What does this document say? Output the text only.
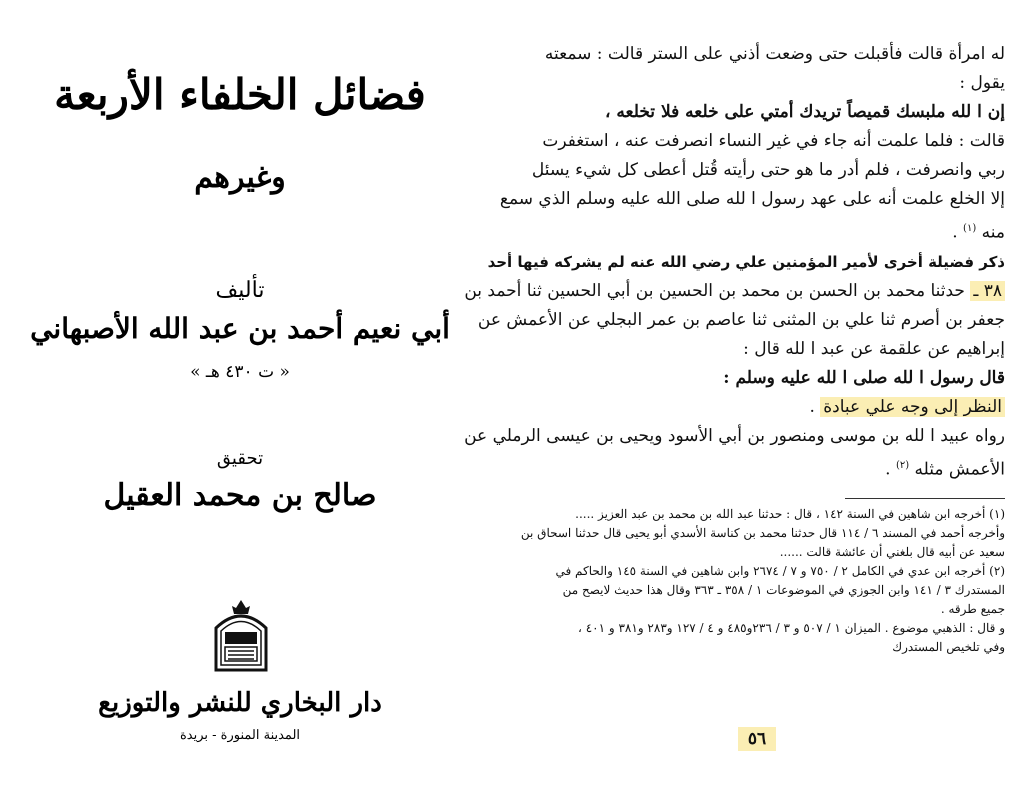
فضائل الخلفاء الأربعة
وغيرهم
تأليف
أبي نعيم أحمد بن عبد الله الأصبهاني
« ت ٤٣٠ هـ »
تحقيق
صالح بن محمد العقيل
دار البخاري للنشر والتوزيع
المدينة المنورة - بريدة
له امرأة قالت فأقبلت حتى وضعت أذني على الستر قالت : سمعته
يقول :
إن ا لله ملبسك قميصاً تريدك أمتي على خلعه فلا تخلعه ،
قالت : فلما علمت أنه جاء في غير النساء انصرفت عنه ، استغفرت
ربي وانصرفت ، فلم أدر ما هو حتى رأيته قُتل أعطى كل شيء يسئل
إلا الخلع علمت أنه على عهد رسول ا لله صلى الله عليه وسلم الذي سمع
منه $^{(١)}$ .
ذكر فضيلة أخرى لأمير المؤمنين علي رضي الله عنه لم يشركه فيها أحد
٣٨ ـ حدثنا محمد بن الحسن بن محمد بن الحسين بن أبي الحسين ثنا أحمد بن
جعفر بن أصرم ثنا علي بن المثنى ثنا عاصم بن عمر البجلي عن الأعمش عن
إبراهيم عن علقمة عن عبد ا لله قال :
قال رسول ا لله صلى ا لله عليه وسلم :
النظر إلى وجه علي عبادة .
رواه عبيد ا لله بن موسى ومنصور بن أبي الأسود ويحيى بن عيسى الرملي عن
الأعمش مثله $^{(٢)}$ .
(١) أخرجه ابن شاهين في السنة ١٤٢ ، قال : حدثنا عبد الله بن محمد بن عبد العزيز .....
وأخرجه أحمد في المسند ٦ / ١١٤ قال حدثنا محمد بن كناسة الأسدي أبو يحيى قال حدثنا اسحاق بن
سعيد عن أبيه قال بلغني أن عائشة قالت ......
(٢) أخرجه ابن عدي في الكامل ٢ / ٧٥٠ و ٧ / ٢٦٧٤ وابن شاهين في السنة ١٤٥ والحاكم في
المستدرك ٣ / ١٤١ وابن الجوزي في الموضوعات ١ / ٣٥٨ ـ ٣٦٣ وقال هذا حديث لايصح من
جميع طرقه .
و قال : الذهبي موضوع . الميزان ١ / ٥٠٧ و ٣ / ٢٣٦و٤٨٥ و ٤ / ١٢٧ و٢٨٣ و٣٨١ و ٤٠١ ،
وفي تلخيص المستدرك
٥٦
